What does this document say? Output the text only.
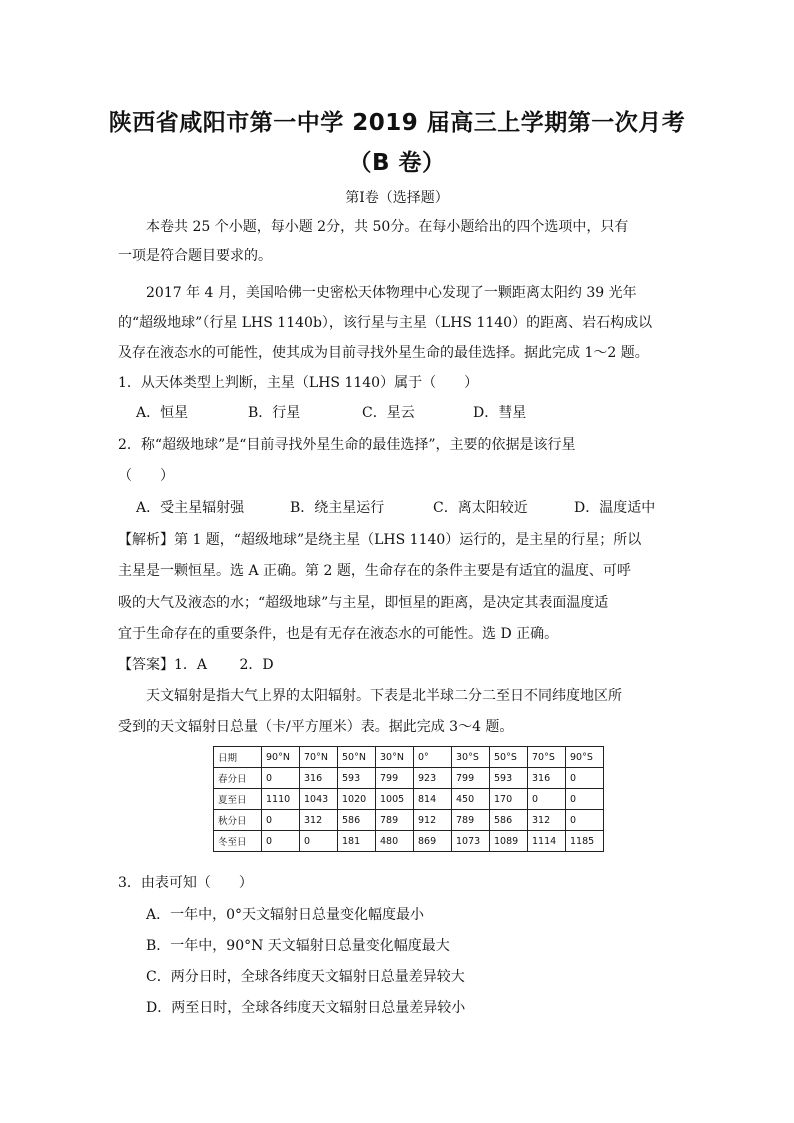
陕西省咸阳市第一中学 2019 届高三上学期第一次月考
（B 卷）
第Ⅰ卷（选择题）
本卷共 25 个小题，每小题 2分，共 50分。在每小题给出的四个选项中，只有
一项是符合题目要求的。
2017 年 4 月，美国哈佛一史密松天体物理中心发现了一颗距离太阳约 39 光年
的“超级地球”（行星 LHS 1140b），该行星与主星（LHS 1140）的距离、岩石构成以
及存在液态水的可能性，使其成为目前寻找外星生命的最佳选择。据此完成 1～2 题。
1．从天体类型上判断，主星（LHS 1140）属于（　　）
A．恒星	B．行星	C．星云	D．彗星
2．称“超级地球”是“目前寻找外星生命的最佳选择”，主要的依据是该行星
（　　）
A．受主星辐射强	B．绕主星运行	C．离太阳较近	D．温度适中
【解析】第 1 题，“超级地球”是绕主星（LHS 1140）运行的，是主星的行星；所以
主星是一颗恒星。选 A 正确。第 2 题，生命存在的条件主要是有适宜的温度、可呼
吸的大气及液态的水；“超级地球”与主星，即恒星的距离，是决定其表面温度适
宜于生命存在的重要条件，也是有无存在液态水的可能性。选 D 正确。
【答案】1．A　　 2．D
天文辐射是指大气上界的太阳辐射。下表是北半球二分二至日不同纬度地区所
受到的天文辐射日总量（卡/平方厘米）表。据此完成 3～4 题。
日期	90°N	70°N	50°N	30°N	0°	30°S	50°S	70°S	90°S
春分日	0	316	593	799	923	799	593	316	0
夏至日	1110	1043	1020	1005	814	450	170	0	0
秋分日	0	312	586	789	912	789	586	312	0
冬至日	0	0	181	480	869	1073	1089	1114	1185
3．由表可知（　　）
A．一年中，0°天文辐射日总量变化幅度最小
B．一年中，90°N 天文辐射日总量变化幅度最大
C．两分日时，全球各纬度天文辐射日总量差异较大
D．两至日时，全球各纬度天文辐射日总量差异较小
